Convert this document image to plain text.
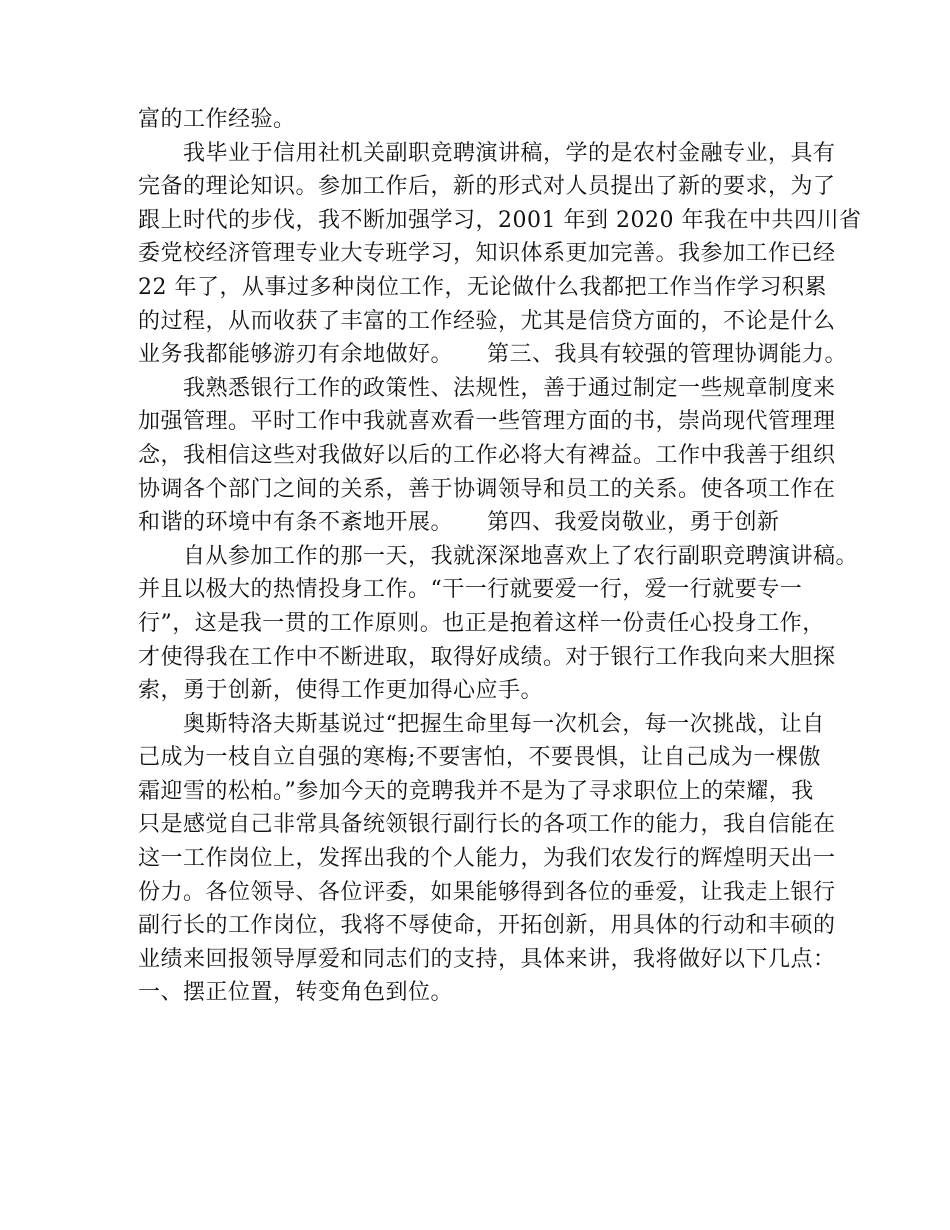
富的工作经验。
我毕业于信用社机关副职竞聘演讲稿，学的是农村金融专业，具有
完备的理论知识。参加工作后，新的形式对人员提出了新的要求，为了
跟上时代的步伐，我不断加强学习，2001 年到 2020 年我在中共四川省
委党校经济管理专业大专班学习，知识体系更加完善。我参加工作已经
22 年了，从事过多种岗位工作，无论做什么我都把工作当作学习积累
的过程，从而收获了丰富的工作经验，尤其是信贷方面的，不论是什么
业务我都能够游刃有余地做好。　　第三、我具有较强的管理协调能力。
我熟悉银行工作的政策性、法规性，善于通过制定一些规章制度来
加强管理。平时工作中我就喜欢看一些管理方面的书，崇尚现代管理理
念，我相信这些对我做好以后的工作必将大有裨益。工作中我善于组织
协调各个部门之间的关系，善于协调领导和员工的关系。使各项工作在
和谐的环境中有条不紊地开展。　　第四、我爱岗敬业，勇于创新
自从参加工作的那一天，我就深深地喜欢上了农行副职竞聘演讲稿。
并且以极大的热情投身工作。“干一行就要爱一行，爱一行就要专一
行”，这是我一贯的工作原则。也正是抱着这样一份责任心投身工作，
才使得我在工作中不断进取，取得好成绩。对于银行工作我向来大胆探
索，勇于创新，使得工作更加得心应手。
奥斯特洛夫斯基说过“把握生命里每一次机会，每一次挑战，让自
己成为一枝自立自强的寒梅;不要害怕，不要畏惧，让自己成为一棵傲
霜迎雪的松柏。”参加今天的竞聘我并不是为了寻求职位上的荣耀，我
只是感觉自己非常具备统领银行副行长的各项工作的能力，我自信能在
这一工作岗位上，发挥出我的个人能力，为我们农发行的辉煌明天出一
份力。各位领导、各位评委，如果能够得到各位的垂爱，让我走上银行
副行长的工作岗位，我将不辱使命，开拓创新，用具体的行动和丰硕的
业绩来回报领导厚爱和同志们的支持，具体来讲，我将做好以下几点：
一、摆正位置，转变角色到位。
